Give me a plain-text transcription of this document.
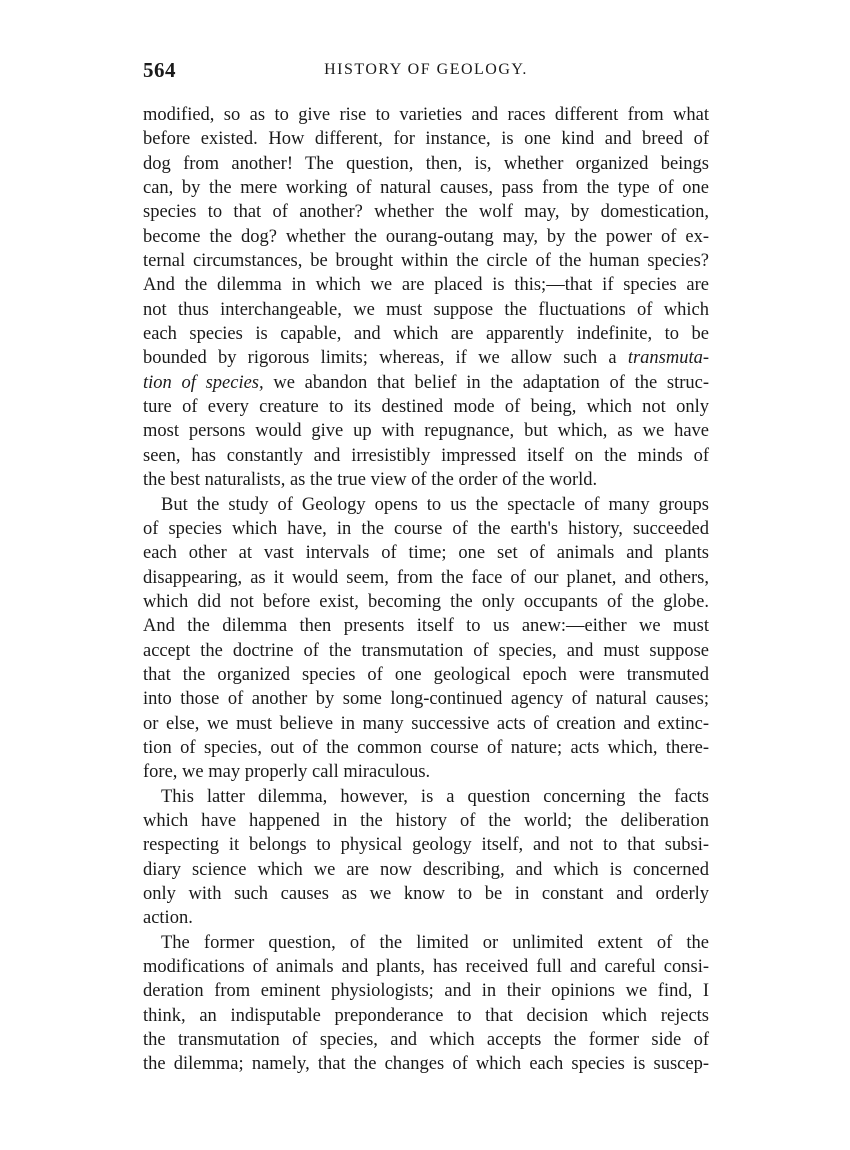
564	HISTORY OF GEOLOGY.

modified, so as to give rise to varieties and races different from what
before existed. How different, for instance, is one kind and breed of
dog from another! The question, then, is, whether organized beings
can, by the mere working of natural causes, pass from the type of one
species to that of another? whether the wolf may, by domestication,
become the dog? whether the ourang-outang may, by the power of ex-
ternal circumstances, be brought within the circle of the human species?
And the dilemma in which we are placed is this;—that if species are
not thus interchangeable, we must suppose the fluctuations of which
each species is capable, and which are apparently indefinite, to be
bounded by rigorous limits; whereas, if we allow such a transmuta-
tion of species, we abandon that belief in the adaptation of the struc-
ture of every creature to its destined mode of being, which not only
most persons would give up with repugnance, but which, as we have
seen, has constantly and irresistibly impressed itself on the minds of
the best naturalists, as the true view of the order of the world.

But the study of Geology opens to us the spectacle of many groups
of species which have, in the course of the earth's history, succeeded
each other at vast intervals of time; one set of animals and plants
disappearing, as it would seem, from the face of our planet, and others,
which did not before exist, becoming the only occupants of the globe.
And the dilemma then presents itself to us anew:—either we must
accept the doctrine of the transmutation of species, and must suppose
that the organized species of one geological epoch were transmuted
into those of another by some long-continued agency of natural causes;
or else, we must believe in many successive acts of creation and extinc-
tion of species, out of the common course of nature; acts which, there-
fore, we may properly call miraculous.

This latter dilemma, however, is a question concerning the facts
which have happened in the history of the world; the deliberation
respecting it belongs to physical geology itself, and not to that subsi-
diary science which we are now describing, and which is concerned
only with such causes as we know to be in constant and orderly
action.

The former question, of the limited or unlimited extent of the
modifications of animals and plants, has received full and careful consi-
deration from eminent physiologists; and in their opinions we find, I
think, an indisputable preponderance to that decision which rejects
the transmutation of species, and which accepts the former side of
the dilemma; namely, that the changes of which each species is suscep-
